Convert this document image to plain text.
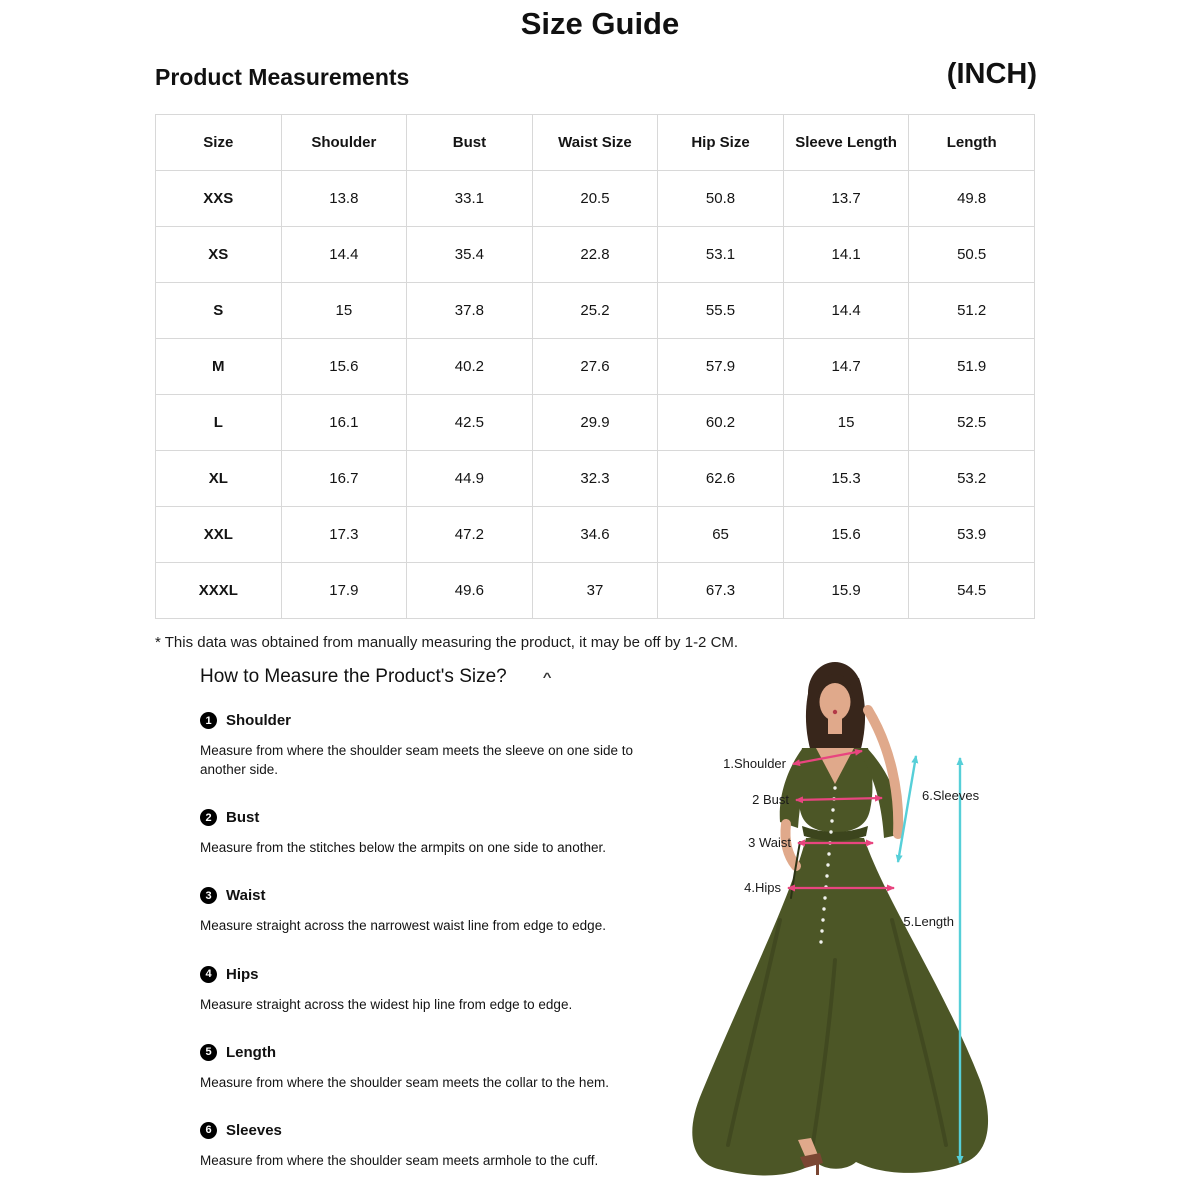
Size Guide
Product Measurements	(INCH)
Size	Shoulder	Bust	Waist Size	Hip Size	Sleeve Length	Length
XXS	13.8	33.1	20.5	50.8	13.7	49.8
XS	14.4	35.4	22.8	53.1	14.1	50.5
S	15	37.8	25.2	55.5	14.4	51.2
M	15.6	40.2	27.6	57.9	14.7	51.9
L	16.1	42.5	29.9	60.2	15	52.5
XL	16.7	44.9	32.3	62.6	15.3	53.2
XXL	17.3	47.2	34.6	65	15.6	53.9
XXXL	17.9	49.6	37	67.3	15.9	54.5
* This data was obtained from manually measuring the product, it may be off by 1-2 CM.
How to Measure the Product's Size? ^
1 Shoulder
Measure from where the shoulder seam meets the sleeve on one side to another side.
2 Bust
Measure from the stitches below the armpits on one side to another.
3 Waist
Measure straight across the narrowest waist line from edge to edge.
4 Hips
Measure straight across the widest hip line from edge to edge.
5 Length
Measure from where the shoulder seam meets the collar to the hem.
6 Sleeves
Measure from where the shoulder seam meets armhole to the cuff.
1.Shoulder
2 Bust
3 Waist
4.Hips
6.Sleeves
5.Length
